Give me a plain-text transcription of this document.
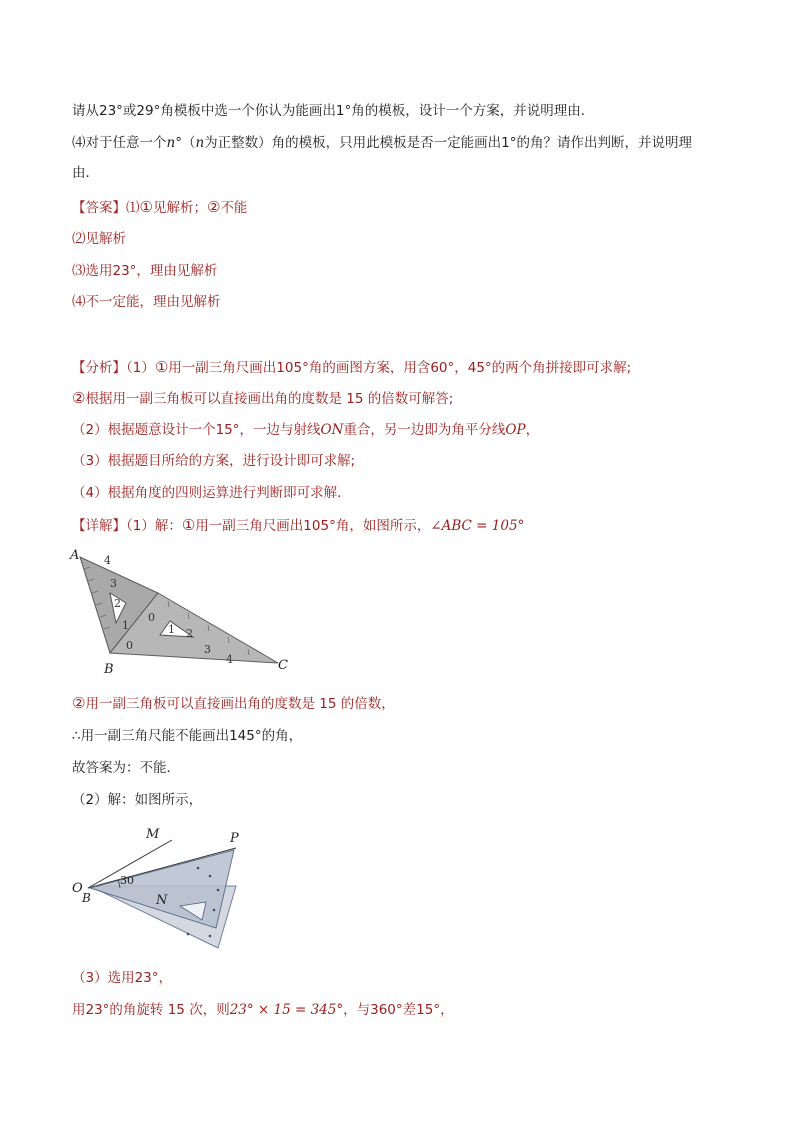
请从23°或29°角模板中选一个你认为能画出1°角的模板，设计一个方案，并说明理由．
⑷对于任意一个n°（n为正整数）角的模板，只用此模板是否一定能画出1°的角？请作出判断，并说明理
由．
【答案】⑴①见解析；②不能
⑵见解析
⑶选用23°，理由见解析
⑷不一定能，理由见解析
【分析】（1）①用一副三角尺画出105°角的画图方案，用含60°，45°的两个角拼接即可求解;
②根据用一副三角板可以直接画出角的度数是 15 的倍数可解答;
（2）根据题意设计一个15°，一边与射线ON重合，另一边即为角平分线OP，
（3）根据题目所给的方案，进行设计即可求解;
（4）根据角度的四则运算进行判断即可求解．
【详解】（1）解：①用一副三角尺画出105°角，如图所示，∠ABC = 105°
A
B	C
4
3
2
1
0
0
1 2
3
4
②用一副三角板可以直接画出角的度数是 15 的倍数，
∴用一副三角尺能不能画出145°的角，
故答案为：不能．
（2）解：如图所示，
M	P
O
B	N
30
（3）选用23°，
用23°的角旋转 15 次，则23° × 15 = 345°，与360°差15°，
